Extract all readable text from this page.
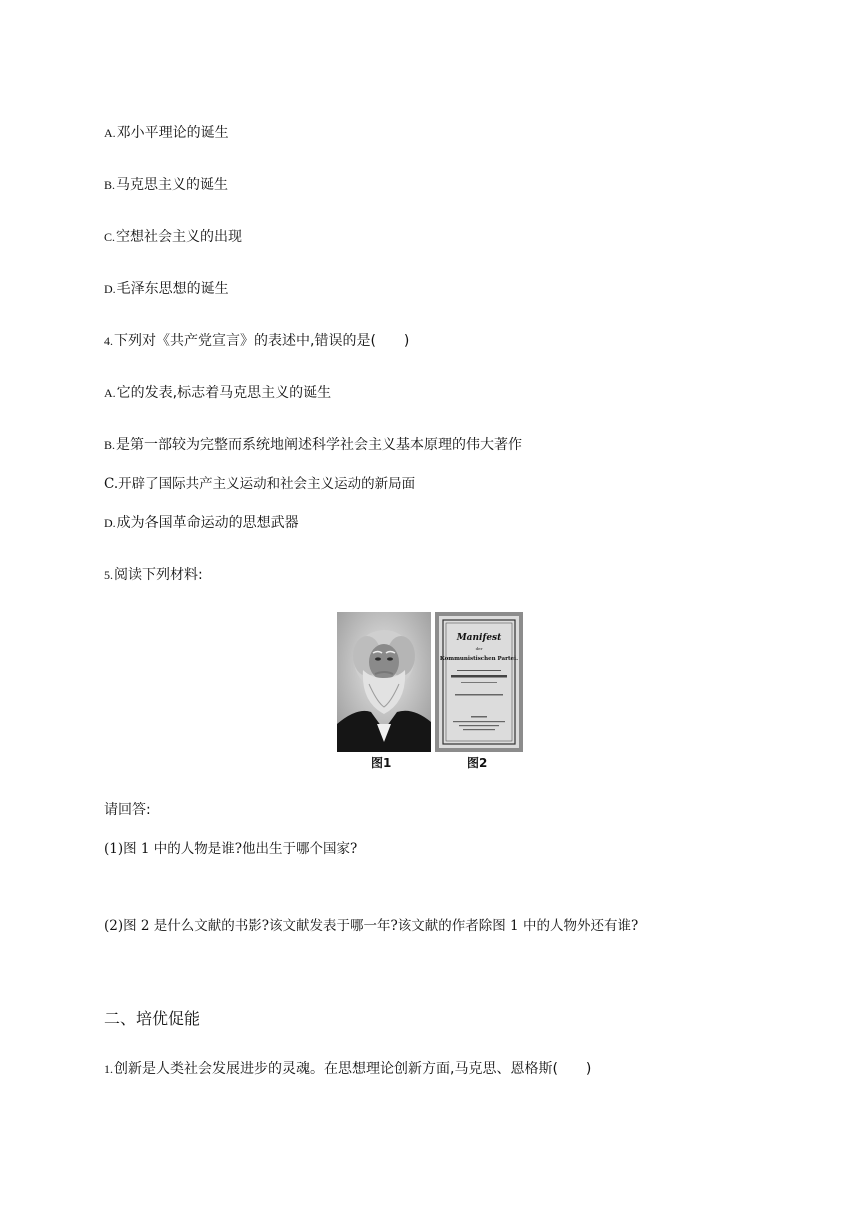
A.邓小平理论的诞生
B.马克思主义的诞生
C.空想社会主义的出现
D.毛泽东思想的诞生
4.下列对《共产党宣言》的表述中,错误的是(　　)
A.它的发表,标志着马克思主义的诞生
B.是第一部较为完整而系统地阐述科学社会主义基本原理的伟大著作
C.开辟了国际共产主义运动和社会主义运动的新局面
D.成为各国革命运动的思想武器
5.阅读下列材料:
Manifest
der
Kommunistischen Partei.
图1	图2
请回答:
(1)图 1 中的人物是谁?他出生于哪个国家?
(2)图 2 是什么文献的书影?该文献发表于哪一年?该文献的作者除图 1 中的人物外还有谁?
二、培优促能
1.创新是人类社会发展进步的灵魂。在思想理论创新方面,马克思、恩格斯(　　)
